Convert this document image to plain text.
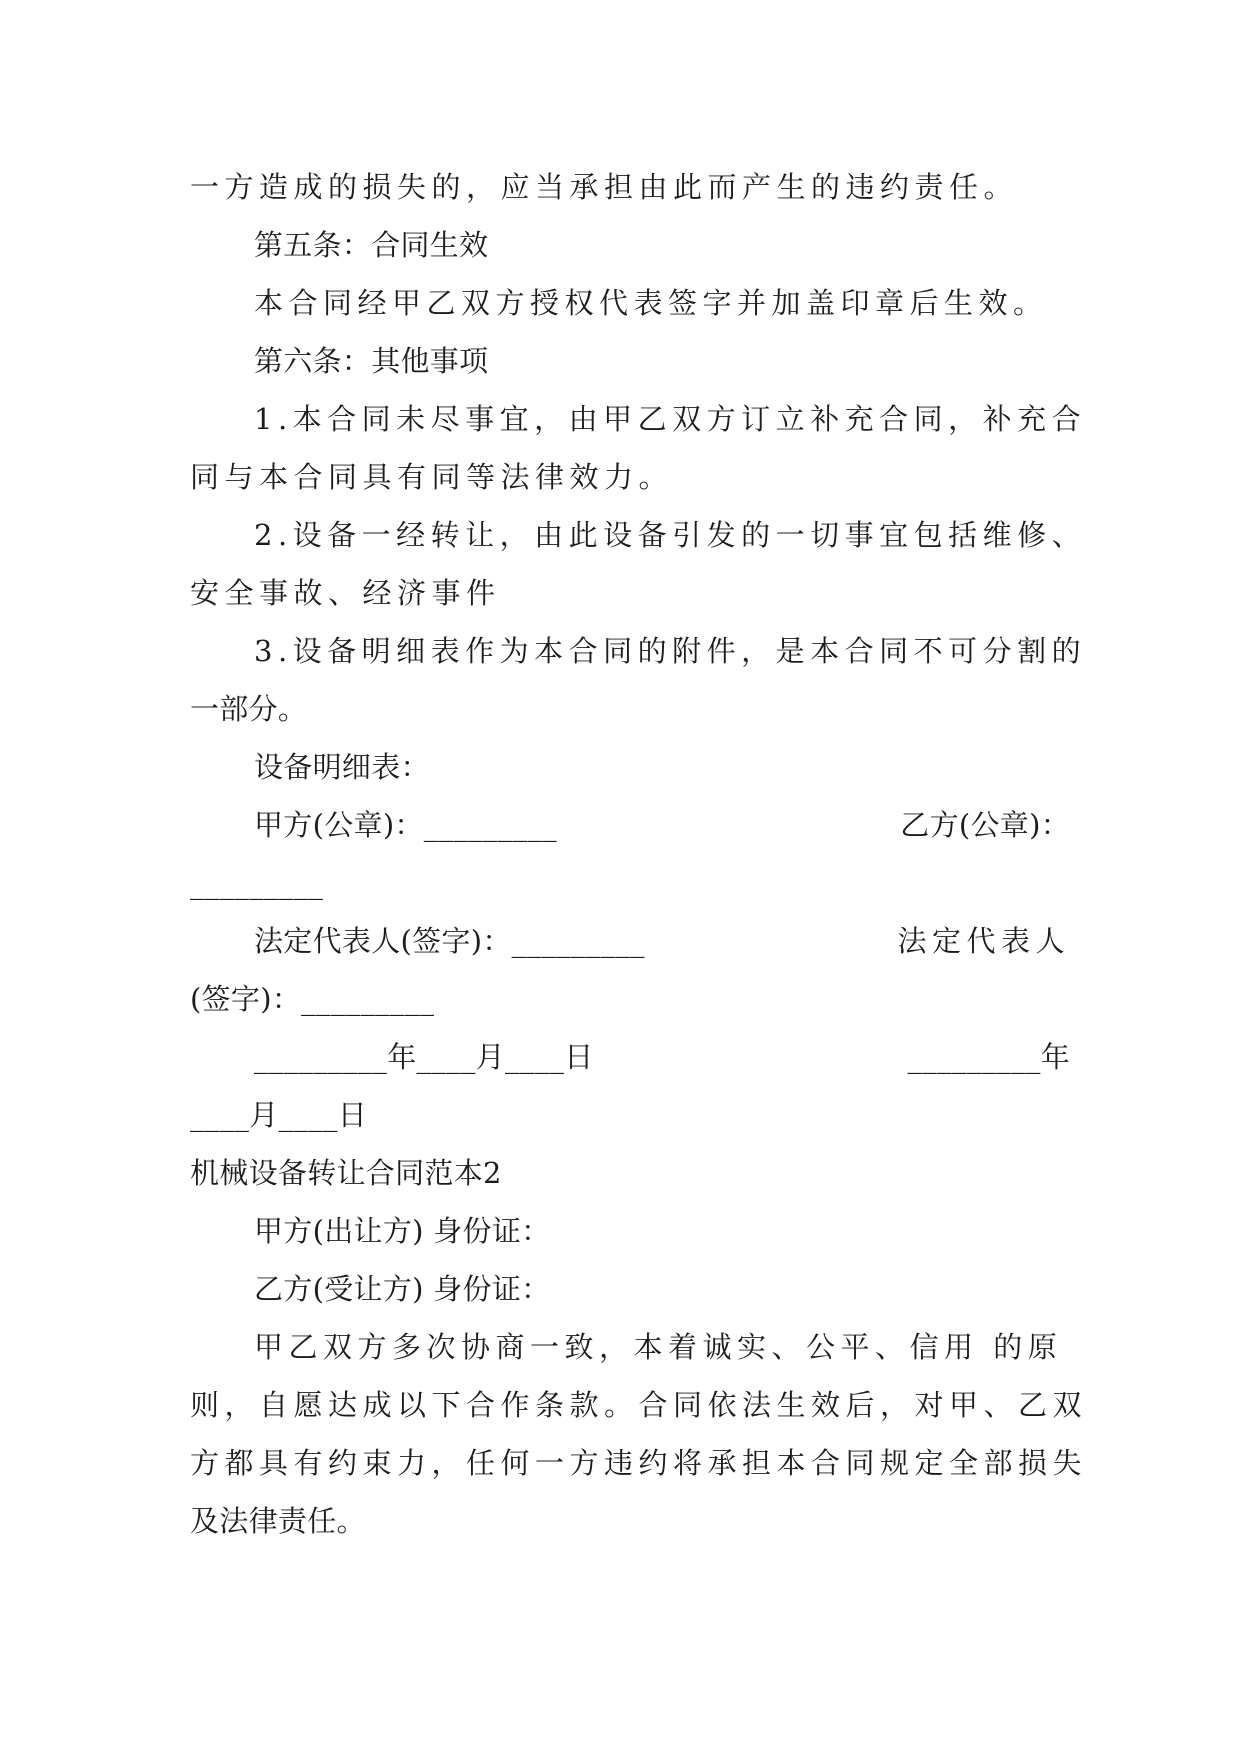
一方造成的损失的，应当承担由此而产生的违约责任。
第五条：合同生效
本合同经甲乙双方授权代表签字并加盖印章后生效。
第六条：其他事项
1.本合同未尽事宜，由甲乙双方订立补充合同，补充合
同与本合同具有同等法律效力。
2.设备一经转让，由此设备引发的一切事宜包括维修、
安全事故、经济事件
3.设备明细表作为本合同的附件，是本合同不可分割的
一部分。
设备明细表：
甲方(公章)：_________	乙方(公章)：
_________
法定代表人(签字)：_________	法定代表人
(签字)：_________
_________年____月____日	_________年
____月____日
机械设备转让合同范本2
甲方(出让方) 身份证：
乙方(受让方) 身份证：
甲乙双方多次协商一致，本着诚实、公平、信用 的原
则，自愿达成以下合作条款。合同依法生效后，对甲、乙双
方都具有约束力，任何一方违约将承担本合同规定全部损失
及法律责任。
